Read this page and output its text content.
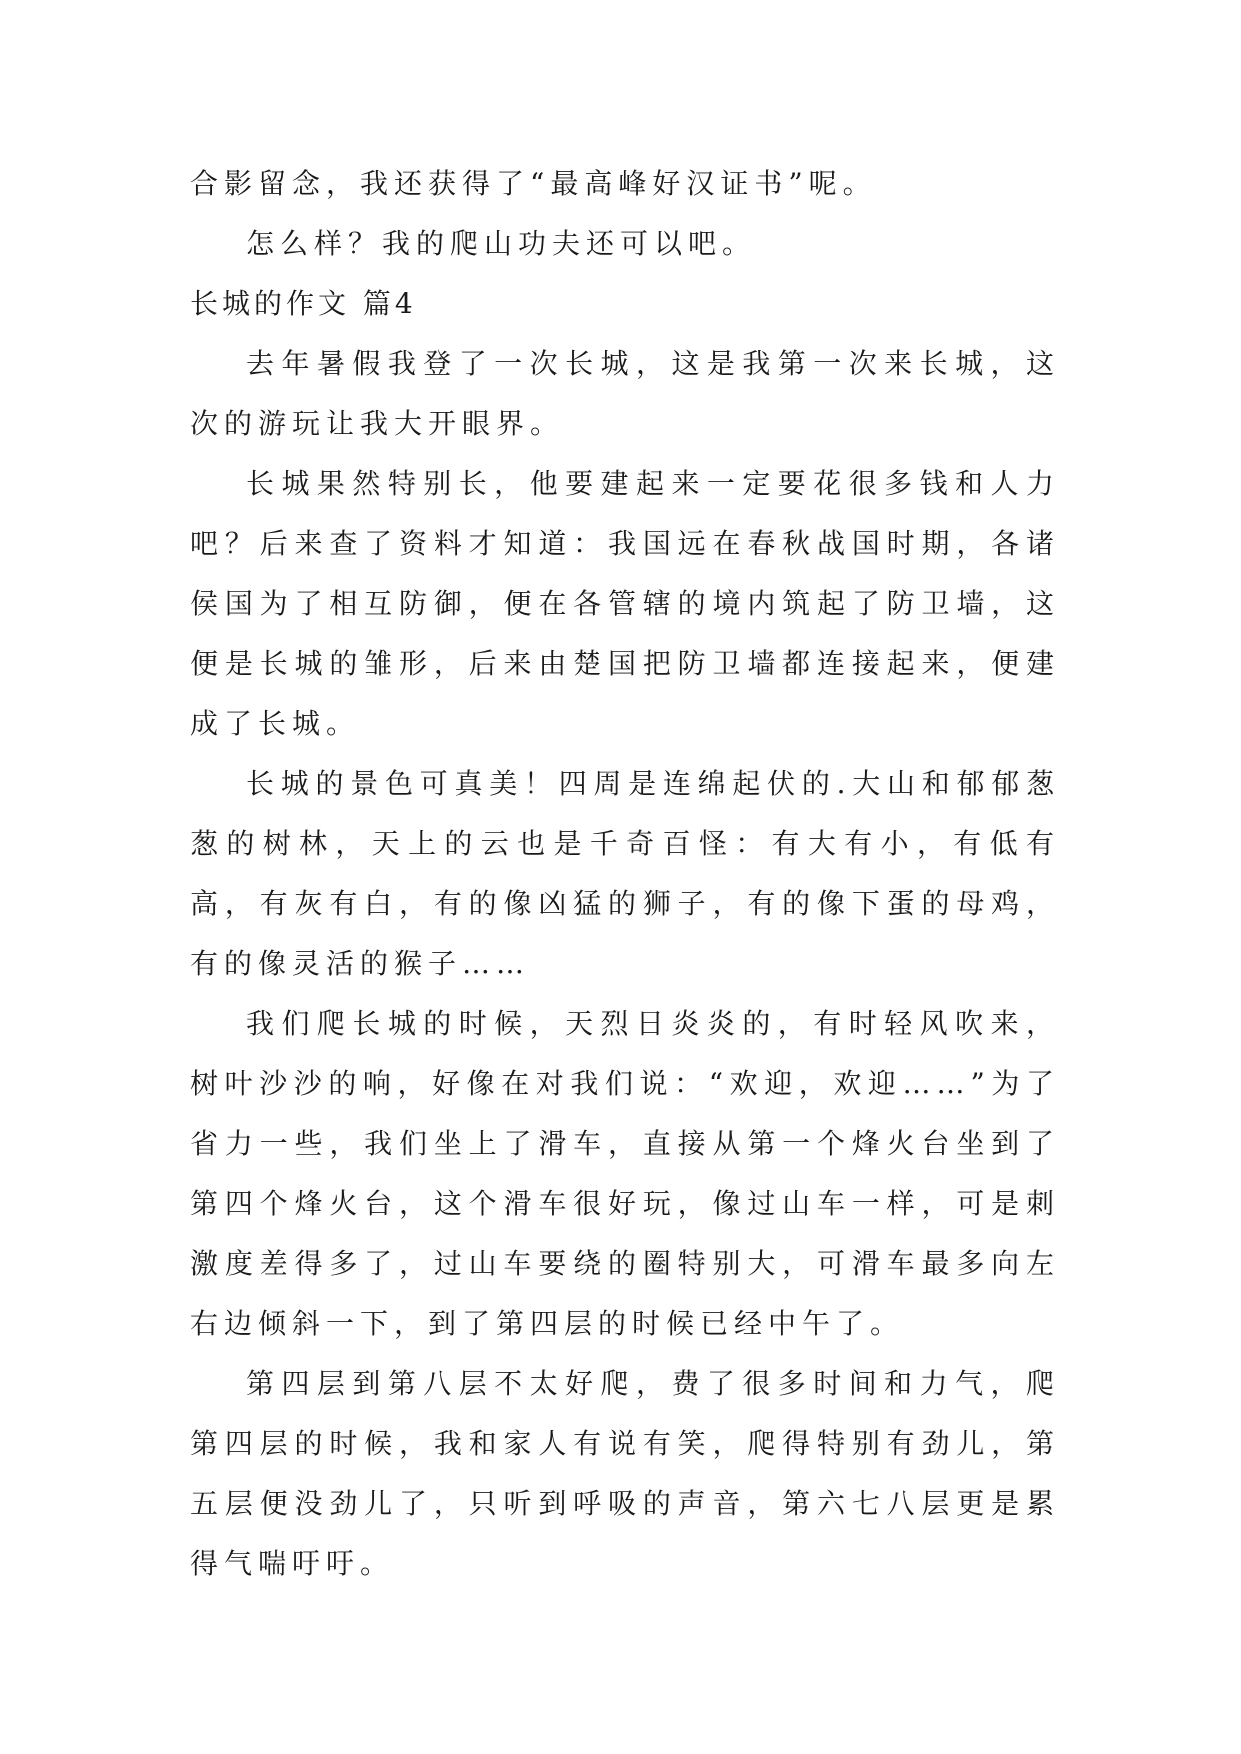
合影留念，我还获得了“最高峰好汉证书”呢。

怎么样？我的爬山功夫还可以吧。

长城的作文 篇4

去年暑假我登了一次长城，这是我第一次来长城，这次的游玩让我大开眼界。

长城果然特别长，他要建起来一定要花很多钱和人力吧？后来查了资料才知道：我国远在春秋战国时期，各诸侯国为了相互防御，便在各管辖的境内筑起了防卫墙，这便是长城的雏形，后来由楚国把防卫墙都连接起来，便建成了长城。

长城的景色可真美！四周是连绵起伏的.大山和郁郁葱葱的树林，天上的云也是千奇百怪：有大有小，有低有高，有灰有白，有的像凶猛的狮子，有的像下蛋的母鸡，有的像灵活的猴子……

我们爬长城的时候，天烈日炎炎的，有时轻风吹来，树叶沙沙的响，好像在对我们说：“欢迎，欢迎……”为了省力一些，我们坐上了滑车，直接从第一个烽火台坐到了第四个烽火台，这个滑车很好玩，像过山车一样，可是刺激度差得多了，过山车要绕的圈特别大，可滑车最多向左右边倾斜一下，到了第四层的时候已经中午了。

第四层到第八层不太好爬，费了很多时间和力气，爬第四层的时候，我和家人有说有笑，爬得特别有劲儿，第五层便没劲儿了，只听到呼吸的声音，第六七八层更是累得气喘吁吁。
